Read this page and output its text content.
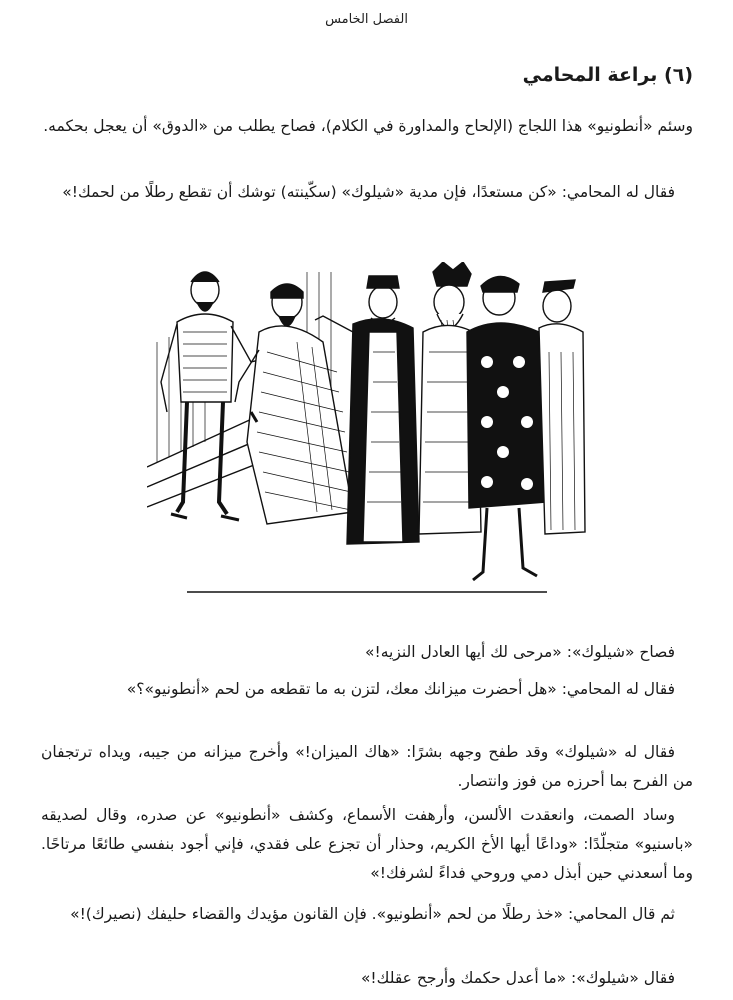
الفصل الخامس
(٦) براعة المحامي

وسئم «أنطونيو» هذا اللجاج (الإلحاح والمداورة في الكلام)، فصاح يطلب من «الدوق» أن يعجل بحكمه.

فقال له المحامي: «كن مستعدًا، فإن مدية «شيلوك» (سكّينته) توشك أن تقطع رطلًا من لحمك!»

فصاح «شيلوك»: «مرحى لك أيها العادل النزيه!»

فقال له المحامي: «هل أحضرت ميزانك معك، لتزن به ما تقطعه من لحم «أنطونيو»؟»

فقال له «شيلوك» وقد طفح وجهه بشرًا: «هاك الميزان!» وأخرج ميزانه من جيبه، ويداه ترتجفان من الفرح بما أحرزه من فوز وانتصار.

وساد الصمت، وانعقدت الألسن، وأرهفت الأسماع، وكشف «أنطونيو» عن صدره، وقال لصديقه «باسنيو» متجلّدًا: «وداعًا أيها الأخ الكريم، وحذار أن تجزع على فقدي، فإني أجود بنفسي طائعًا مرتاحًا. وما أسعدني حين أبذل دمي وروحي فداءً لشرفك!»

ثم قال المحامي: «خذ رطلًا من لحم «أنطونيو». فإن القانون مؤيدك والقضاء حليفك (نصيرك)!»

فقال «شيلوك»: «ما أعدل حكمك وأرجح عقلك!»
